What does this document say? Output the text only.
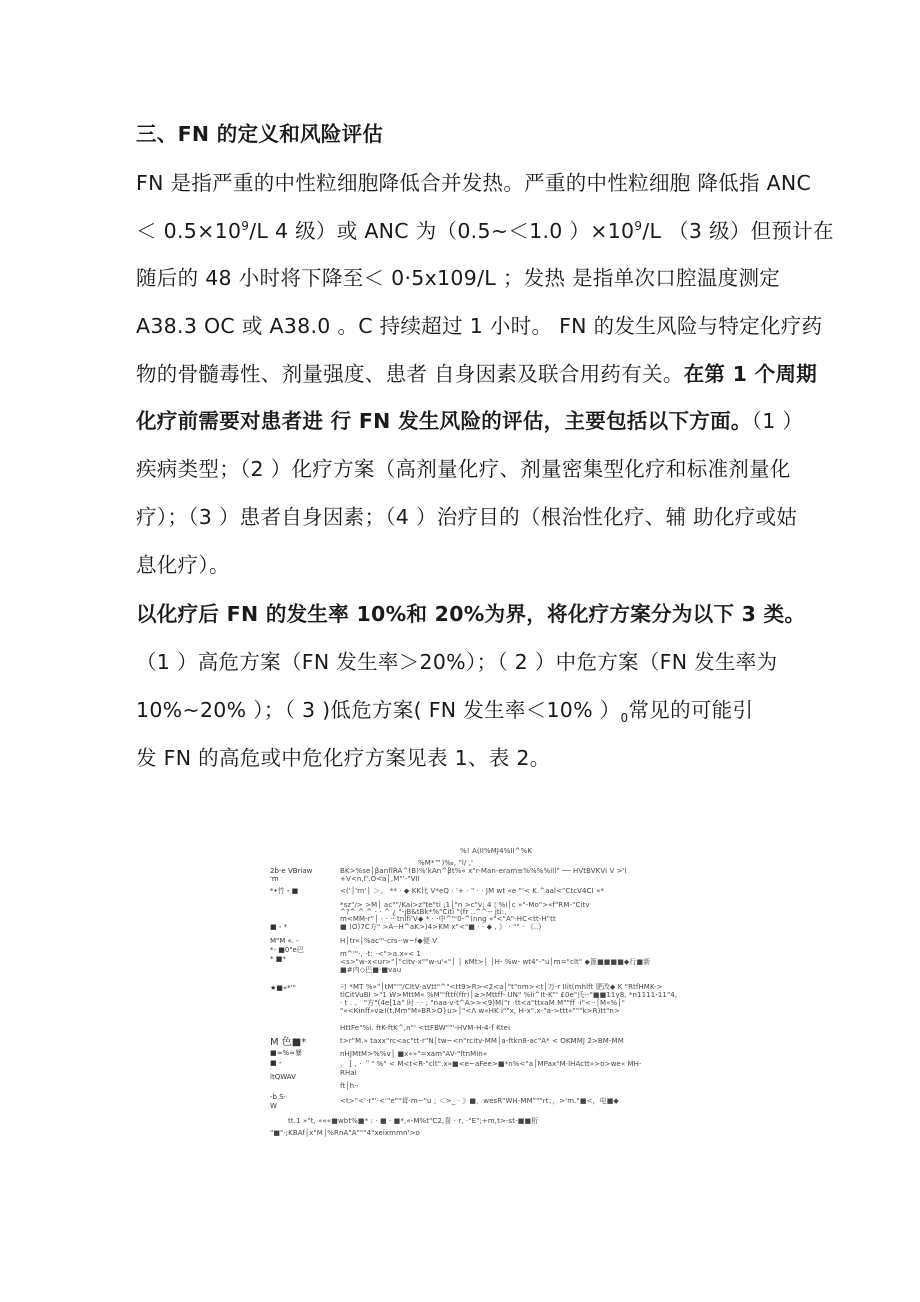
三、FN 的定义和风险评估
FN 是指严重的中性粒细胞降低合并发热。严重的中性粒细胞 降低指 ANC
＜ $0.5\times 10^9/L$ 4 级）或 ANC 为（0.5~＜1.0 ）$\times 10^9/L$ （3 级）但预计在
随后的 48 小时将下降至＜ 0·5x109/L ；发热 是指单次口腔温度测定
A38.3 OC 或 A38.0 。C 持续超过 1 小时。 FN 的发生风险与特定化疗药
物的骨髓毒性、剂量强度、患者 自身因素及联合用药有关。在第 1 个周期
化疗前需要对患者进 行 FN 发生风险的评估，主要包括以下方面。（1 ）
疾病类型；（2 ）化疗方案（高剂量化疗、剂量密集型化疗和标准剂量化
疗）；（3 ）患者自身因素；（4 ）治疗目的（根治性化疗、辅 助化疗或姑
息化疗）。
以化疗后 FN 的发生率 10%和 20%为界，将化疗方案分为以下 3 类。
（1 ）高危方案（FN 发生率＞20%）；（ 2 ）中危方案（FN 发生率为
10%~20% ）；（ 3 )低危方案( FN 发生率＜10% ）$_0$常见的可能引
发 FN 的高危或中危化疗方案见表 1、表 2。
%! A(II%MJ4%II^%K
2b-e VBriaw
'm
*•竹・■
■・*
M"M «. -
*- ■0"e巴
* ■*
★■«*'"
M 色■*
■≈%≈暴
■・
ltQWAV
-b S·
W
%M*™)‰, "l/ ,'
BK>%se│βanflRA^(B)%'kAn^βt%« x"r-Man-eram≡%%%%ill" ── HVtBVKVi V >'l
+V<n,f'.O<a│,M"'-"VII
<('│'rn'│ ＞。 ** · ◆ KK比 V*eQ · '+ · " · · JM wt «e "'< K.^aal<"CtcV4CI «*
*sz"/> >M│ ac""/Kai>z"te"ti ;1│"n >c"v; 4 ¦ %i│c »"-Mo">«f"RM-"Citv
^?^ ^ ^ · · ^ ¿ "-jB&tBk*%"Citi "(fr ..^^-- jti:,
m<MM-r"│ · · ·· tnlfl'V◆ * · ·中^"'0-^(nng «"<"A"-HC<tt-H"tt
■ )O)7C方" >A--H^aK>)4>KM x"<"■ · · ◆ , 》 · "" · 《..)
H│tr«│%ac"'-crs--w~f◆便 V
m^'"·, ·t: ·<">a.x«< 1
<s>"w-x<ur>"│"citv-x""w-u'«"│ │ κMt>│ │H- %w- wt4"-"u│m="clt" ◆篦■■■■◆行■新
■#内◇巴■·■vau
刁 *MT %»"│tM"'"/CItV·aVtt"^"<tt9>R><2<a│"t"nm><t│万·r IIit(mhlft 肥改◆ K "RtfHMK->
tlCitVuBI >"1 W>MttM« %M"'fttf(ffr)│≥>Mttff- UN" %li^It-K"' £0e"氏--"■■11y8, *n1111-11"4,
· t . 、 "方"(4e[1a" 时 · · ; "naa-v-t^A>><9)M("r ·tt<a"ttxaM.M""ff ·i"<··│M«%│"
"«<Kinff»v≥I(t.Mm"M»BR>O}u>│"<Λ w«HK i""x, H-x".x-"a->ttt»"""k>R)tt"n>
HttFe"%i. ftK-ftK^,n"' <ttFBW""'-HVM-H-4-f Ktei
t>r"M.» taxx"rc<ac"tt-r"N│tw~<n"rcitv-MM│a-ftkn8-ac"A* < OKMMJ 2>BM-MM
nHJMtM>%%v│ ■x«»"=xam"AV-"ftnMin«
， [ , · ＂" %" < M<t<R-"clt".x»■<e~aFee>■*n%<"a│MPax"M·lHActt»>o>we« MH-
RHal
ft│h··
<t>"<'·r"'·<'"e""茸·m~"u ; ＜>_ · 》■，wesR"WH-MM"""rt；，>'m."■<，电■◆
tt.1 »"t, «««■wbt%■* : · ■ · ■*,«-M%t"C2,喜 · r, ·"E";+m,t>-st-■■桁
"■"·;KBAf│x"M│%RnA"A"""4"xeixmmn'>o
